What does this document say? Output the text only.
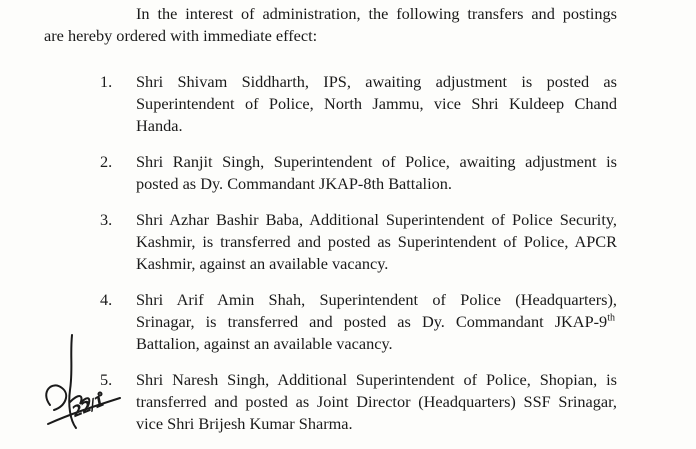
In the interest of administration, the following transfers and postings
are hereby ordered with immediate effect:
1. Shri Shivam Siddharth, IPS, awaiting adjustment is posted as
Superintendent of Police, North Jammu, vice Shri Kuldeep Chand
Handa.
2. Shri Ranjit Singh, Superintendent of Police, awaiting adjustment is
posted as Dy. Commandant JKAP-8th Battalion.
3. Shri Azhar Bashir Baba, Additional Superintendent of Police Security,
Kashmir, is transferred and posted as Superintendent of Police, APCR
Kashmir, against an available vacancy.
4. Shri Arif Amin Shah, Superintendent of Police (Headquarters),
Srinagar, is transferred and posted as Dy. Commandant JKAP-9th
Battalion, against an available vacancy.
5. Shri Naresh Singh, Additional Superintendent of Police, Shopian, is
transferred and posted as Joint Director (Headquarters) SSF Srinagar,
vice Shri Brijesh Kumar Sharma.
22/1
